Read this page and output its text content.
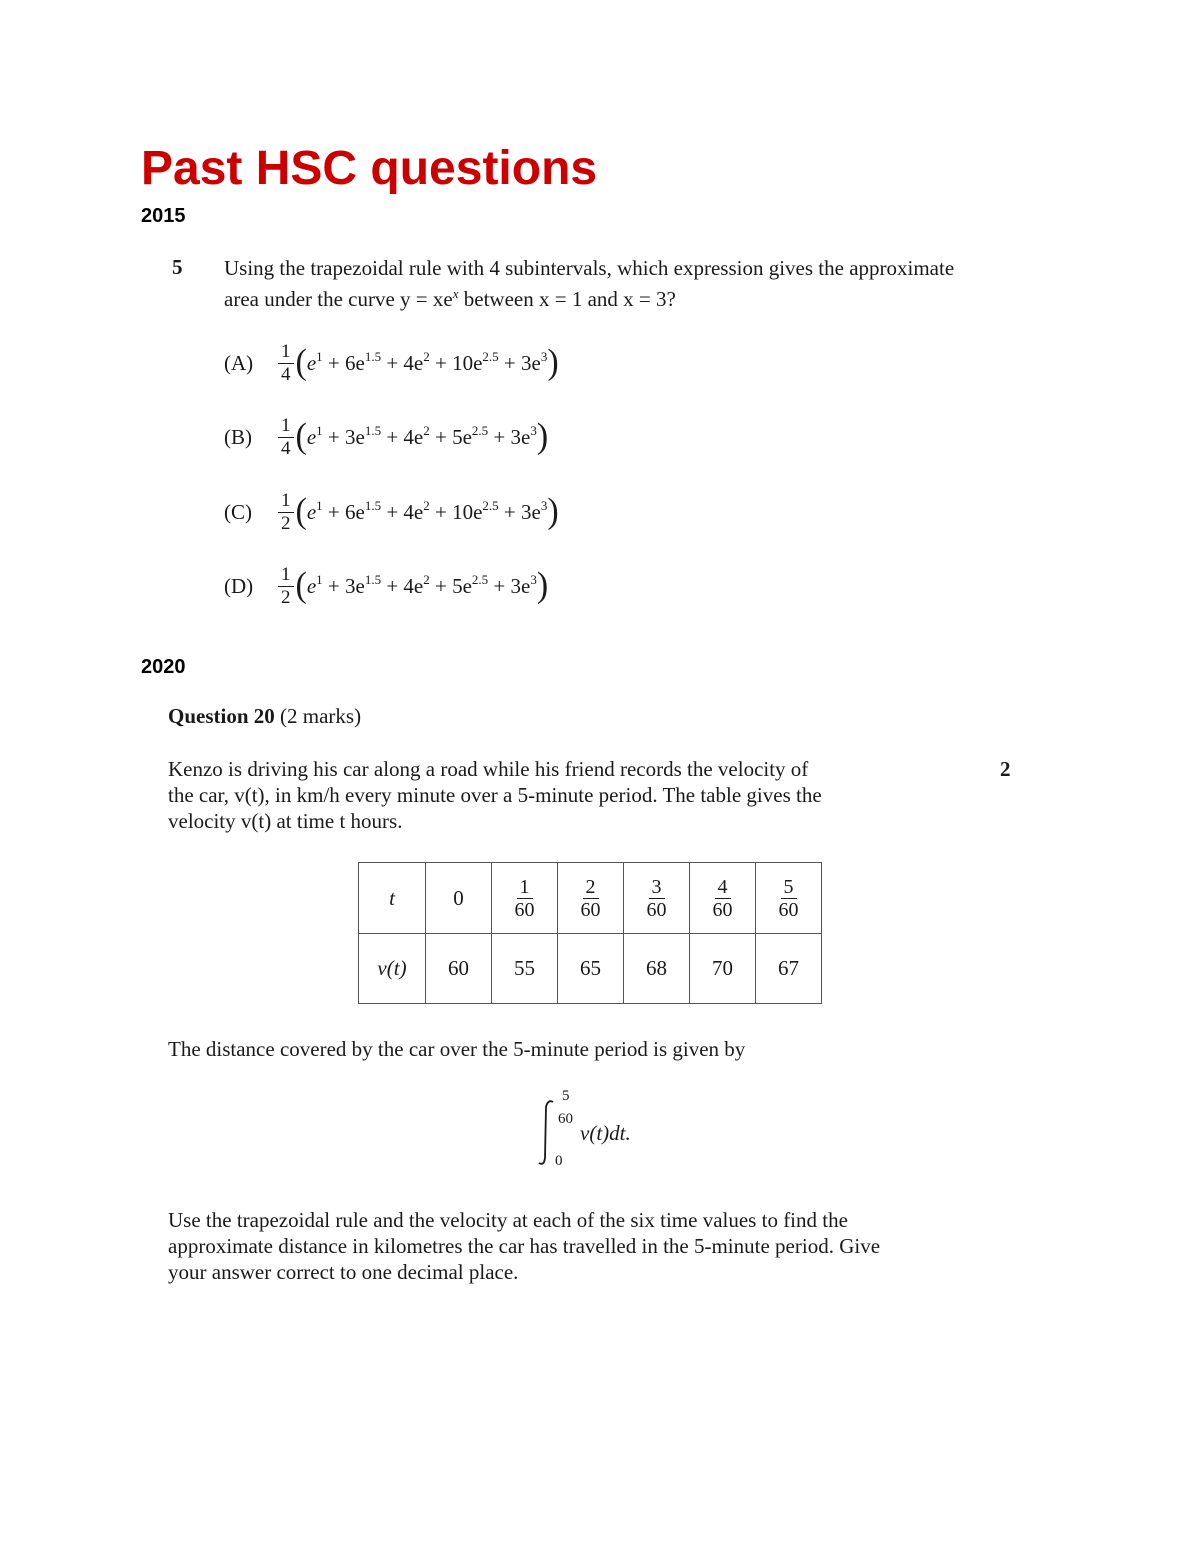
Past HSC questions
2015
5 Using the trapezoidal rule with 4 subintervals, which expression gives the approximate
area under the curve $y = xe^x$ between x = 1 and x = 3?
(A)	$\frac{1}{4}$ ( $e^1 + 6e^{1.5} + 4e^2 + 10e^{2.5} + 3e^3$ )
(B)	$\frac{1}{4}$ ( $e^1 + 3e^{1.5} + 4e^2 + 5e^{2.5} + 3e^3$ )
(C)	$\frac{1}{2}$ ( $e^1 + 6e^{1.5} + 4e^2 + 10e^{2.5} + 3e^3$ )
(D)	$\frac{1}{2}$ ( $e^1 + 3e^{1.5} + 4e^2 + 5e^{2.5} + 3e^3$ )
2020
Question 20 (2 marks)
2
Kenzo is driving his car along a road while his friend records the velocity of
the car, v(t), in km/h every minute over a 5-minute period. The table gives the
velocity v(t) at time t hours.
t	0	$\frac{1}{60}$	$\frac{2}{60}$	$\frac{3}{60}$	$\frac{4}{60}$	$\frac{5}{60}$

v(t)	60	55	65	68	70	67
The distance covered by the car over the 5-minute period is given by
5
60
0
v(t)dt.
Use the trapezoidal rule and the velocity at each of the six time values to find the
approximate distance in kilometres the car has travelled in the 5-minute period. Give
your answer correct to one decimal place.
